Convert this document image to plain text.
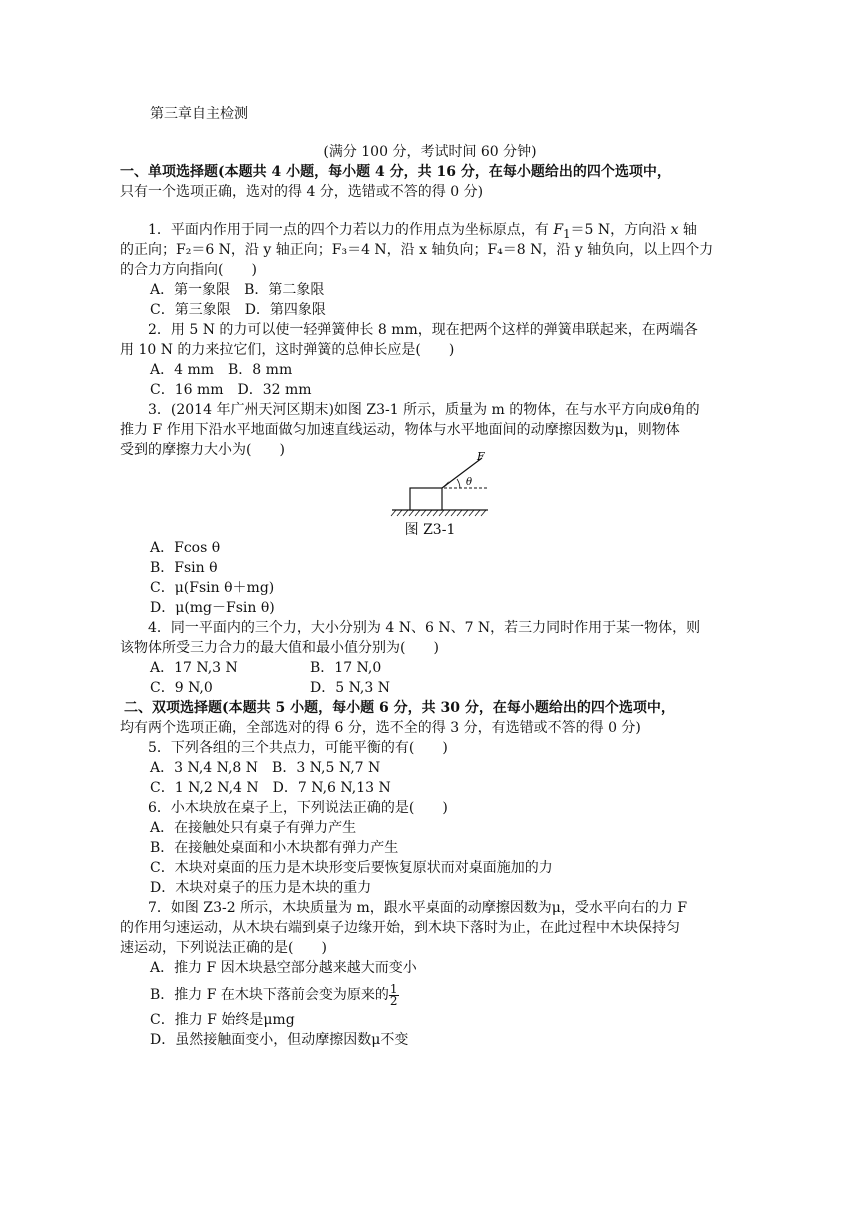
第三章自主检测
(满分 100 分，考试时间 60 分钟)
一、单项选择题(本题共 4 小题，每小题 4 分，共 16 分，在每小题给出的四个选项中，
只有一个选项正确，选对的得 4 分，选错或不答的得 0 分)
1．平面内作用于同一点的四个力若以力的作用点为坐标原点，有 $F_1=5$ N，方向沿 x 轴
的正向；F₂＝6 N，沿 y 轴正向；F₃＝4 N，沿 x 轴负向；F₄＝8 N，沿 y 轴负向，以上四个力
的合力方向指向(　　)
A．第一象限　B．第二象限
C．第三象限　D．第四象限
2．用 5 N 的力可以使一轻弹簧伸长 8 mm，现在把两个这样的弹簧串联起来，在两端各
用 10 N 的力来拉它们，这时弹簧的总伸长应是(　　)
A．4 mm　B．8 mm
C．16 mm　D．32 mm
3．(2014 年广州天河区期末)如图 Z3-1 所示，质量为 m 的物体，在与水平方向成θ角的
推力 F 作用下沿水平地面做匀加速直线运动，物体与水平地面间的动摩擦因数为μ，则物体
受到的摩擦力大小为(　　)	F
θ
图 Z3-1
A．Fcos θ
B．Fsin θ
C．μ(Fsin θ＋mg)
D．μ(mg－Fsin θ)
4．同一平面内的三个力，大小分别为 4 N、6 N、7 N，若三力同时作用于某一物体，则
该物体所受三力合力的最大值和最小值分别为(　　)
A．17 N,3 N	B．17 N,0
C．9 N,0	D．5 N,3 N
二、双项选择题(本题共 5 小题，每小题 6 分，共 30 分，在每小题给出的四个选项中，
均有两个选项正确，全部选对的得 6 分，选不全的得 3 分，有选错或不答的得 0 分)
5．下列各组的三个共点力，可能平衡的有(　　)
A．3 N,4 N,8 N　B．3 N,5 N,7 N
C．1 N,2 N,4 N　D．7 N,6 N,13 N
6．小木块放在桌子上，下列说法正确的是(　　)
A．在接触处只有桌子有弹力产生
B．在接触处桌面和小木块都有弹力产生
C．木块对桌面的压力是木块形变后要恢复原状而对桌面施加的力
D．木块对桌子的压力是木块的重力
7．如图 Z3-2 所示，木块质量为 m，跟水平桌面的动摩擦因数为μ，受水平向右的力 F
的作用匀速运动，从木块右端到桌子边缘开始，到木块下落时为止，在此过程中木块保持匀
速运动，下列说法正确的是(　　)
A．推力 F 因木块悬空部分越来越大而变小
B．推力 F 在木块下落前会变为原来的 $\frac{1}{2}$
C．推力 F 始终是μmg
D．虽然接触面变小，但动摩擦因数μ不变
